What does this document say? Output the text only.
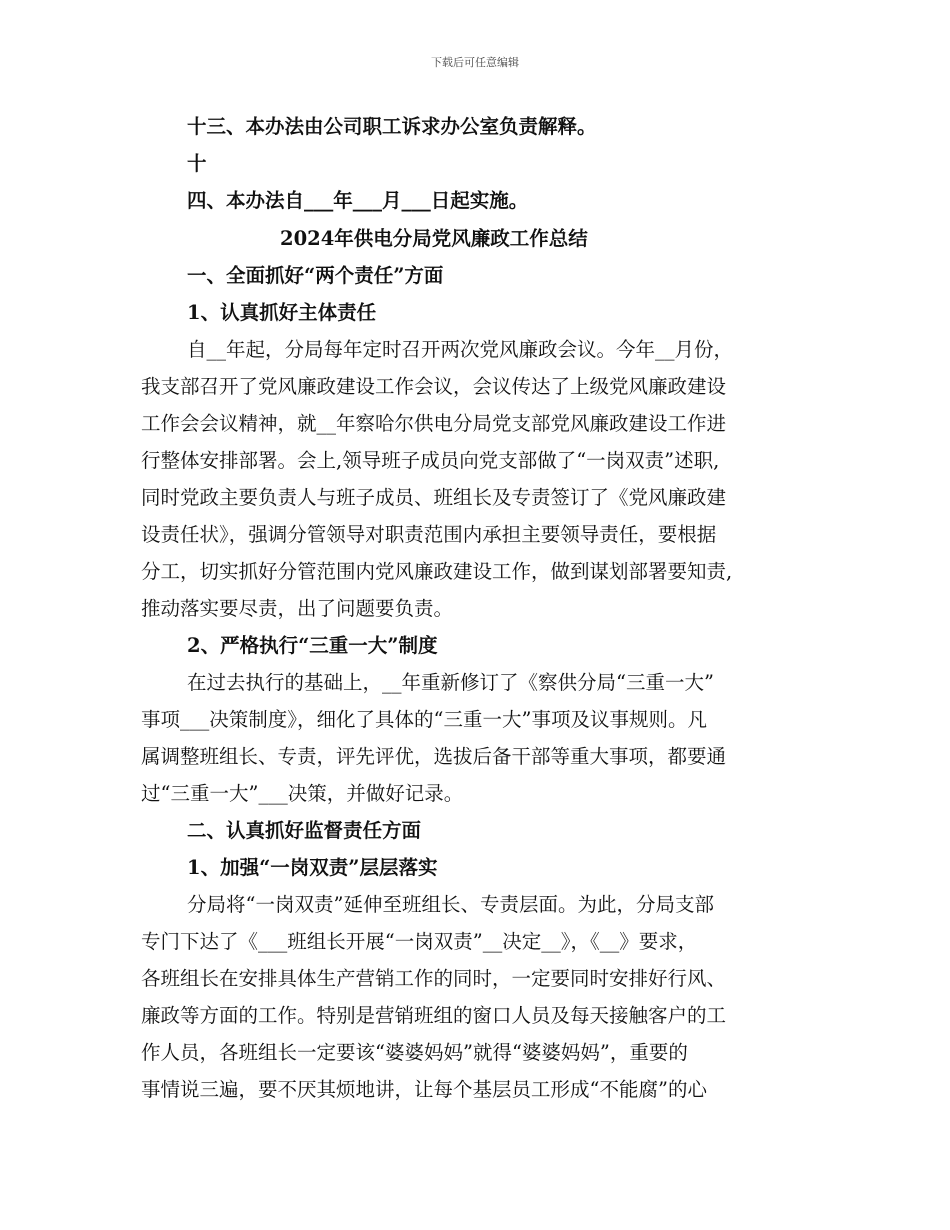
下载后可任意编辑
十三、本办法由公司职工诉求办公室负责解释。
十
四、本办法自___年___月___日起实施。
2024年供电分局党风廉政工作总结
一、全面抓好“两个责任”方面
1、认真抓好主体责任
自__年起，分局每年定时召开两次党风廉政会议。今年__月份，
我支部召开了党风廉政建设工作会议，会议传达了上级党风廉政建设
工作会会议精神，就__年察哈尔供电分局党支部党风廉政建设工作进
行整体安排部署。会上,领导班子成员向党支部做了“一岗双责”述职,
同时党政主要负责人与班子成员、班组长及专责签订了《党风廉政建
设责任状》，强调分管领导对职责范围内承担主要领导责任，要根据
分工，切实抓好分管范围内党风廉政建设工作，做到谋划部署要知责,
推动落实要尽责，出了问题要负责。
2、严格执行“三重一大”制度
在过去执行的基础上，__年重新修订了《察供分局“三重一大”
事项___决策制度》，细化了具体的“三重一大”事项及议事规则。凡
属调整班组长、专责，评先评优，选拔后备干部等重大事项，都要通
过“三重一大”___决策，并做好记录。
二、认真抓好监督责任方面
1、加强“一岗双责”层层落实
分局将“一岗双责”延伸至班组长、专责层面。为此，分局支部
专门下达了《___班组长开展“一岗双责”__决定__》，《__》要求，
各班组长在安排具体生产营销工作的同时，一定要同时安排好行风、
廉政等方面的工作。特别是营销班组的窗口人员及每天接触客户的工
作人员，各班组长一定要该“婆婆妈妈”就得“婆婆妈妈”，重要的
事情说三遍，要不厌其烦地讲，让每个基层员工形成“不能腐”的心
